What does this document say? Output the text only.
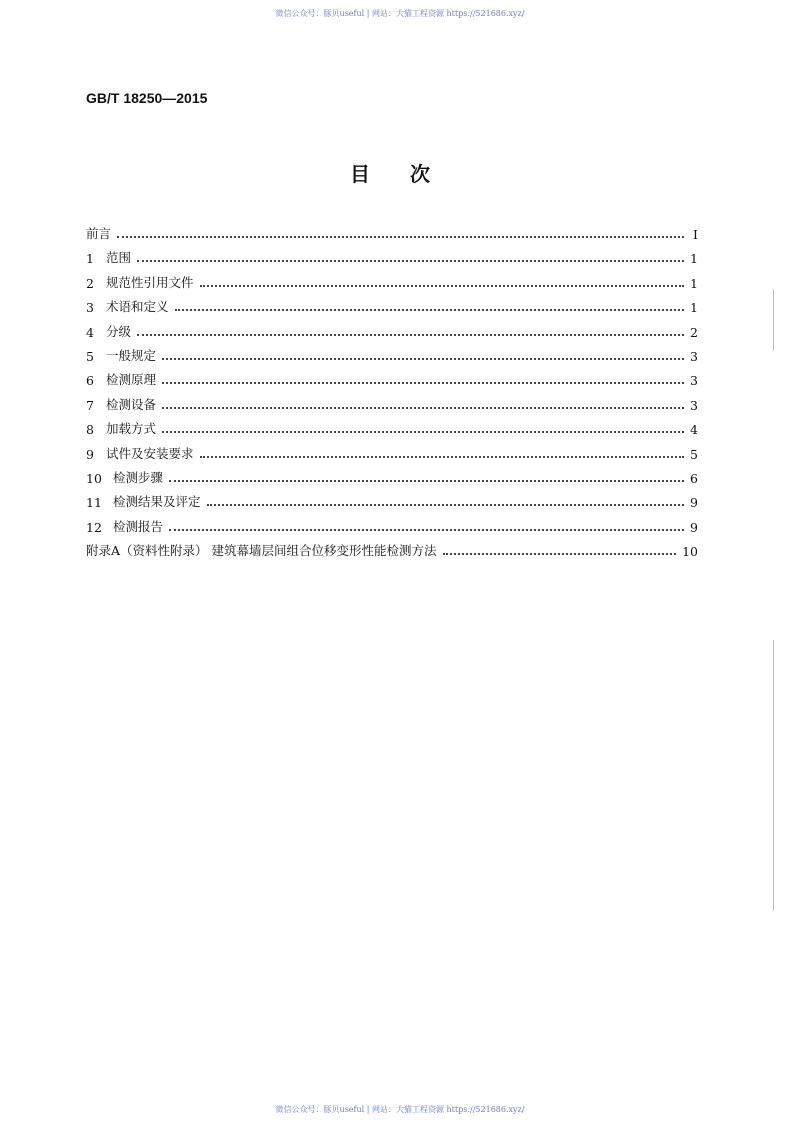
微信公众号：豚贝useful | 网站：大猫工程资源 https://521686.xyz/
GB/T 18250—2015
目次
前言	Ⅰ
1 范围	1
2 规范性引用文件	1
3 术语和定义	1
4 分级	2
5 一般规定	3
6 检测原理	3
7 检测设备	3
8 加载方式	4
9 试件及安装要求	5
10 检测步骤	6
11 检测结果及评定	9
12 检测报告	9
附录A（资料性附录） 建筑幕墙层间组合位移变形性能检测方法	10
微信公众号：豚贝useful | 网站：大猫工程资源 https://521686.xyz/
